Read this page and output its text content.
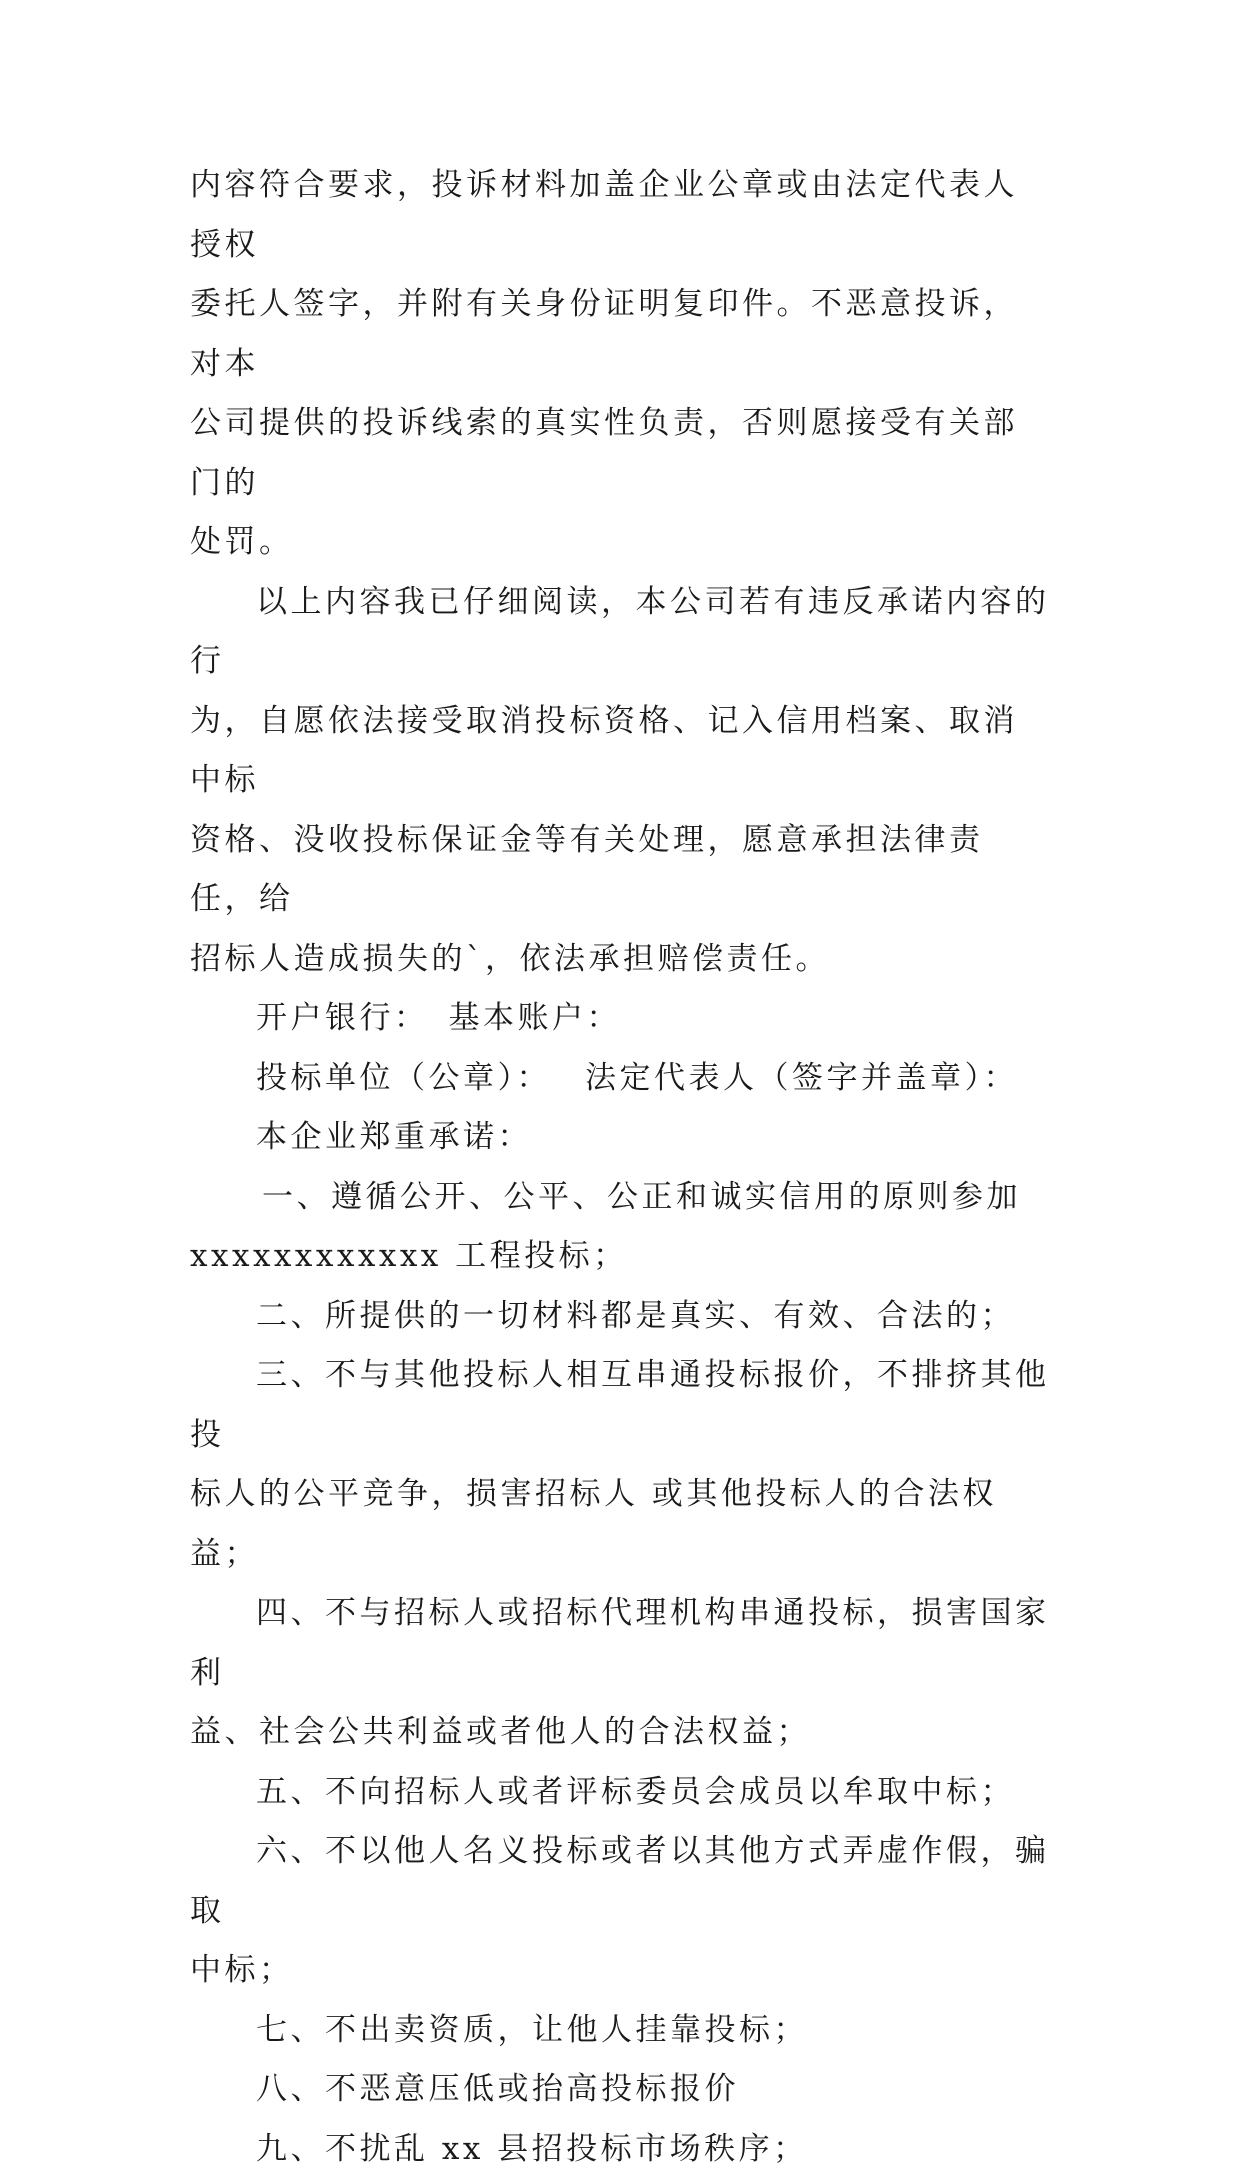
内容符合要求，投诉材料加盖企业公章或由法定代表人授权

委托人签字，并附有关身份证明复印件。不恶意投诉，对本

公司提供的投诉线索的真实性负责，否则愿接受有关部门的

处罚。

以上内容我已仔细阅读，本公司若有违反承诺内容的行

为，自愿依法接受取消投标资格、记入信用档案、取消中标

资格、没收投标保证金等有关处理，愿意承担法律责任，给

招标人造成损失的`，依法承担赔偿责任。

开户银行： 基本账户：

投标单位（公章）： 法定代表人（签字并盖章）：

本企业郑重承诺：

一、遵循公开、公平、公正和诚实信用的原则参加

xxxxxxxxxxxx 工程投标；

二、所提供的一切材料都是真实、有效、合法的；

三、不与其他投标人相互串通投标报价，不排挤其他投

标人的公平竞争，损害招标人 或其他投标人的合法权益；

四、不与招标人或招标代理机构串通投标，损害国家利

益、社会公共利益或者他人的合法权益；

五、不向招标人或者评标委员会成员以牟取中标；

六、不以他人名义投标或者以其他方式弄虚作假，骗取

中标；

七、不出卖资质，让他人挂靠投标；

八、不恶意压低或抬高投标报价

九、不扰乱 xx 县招投标市场秩序；
